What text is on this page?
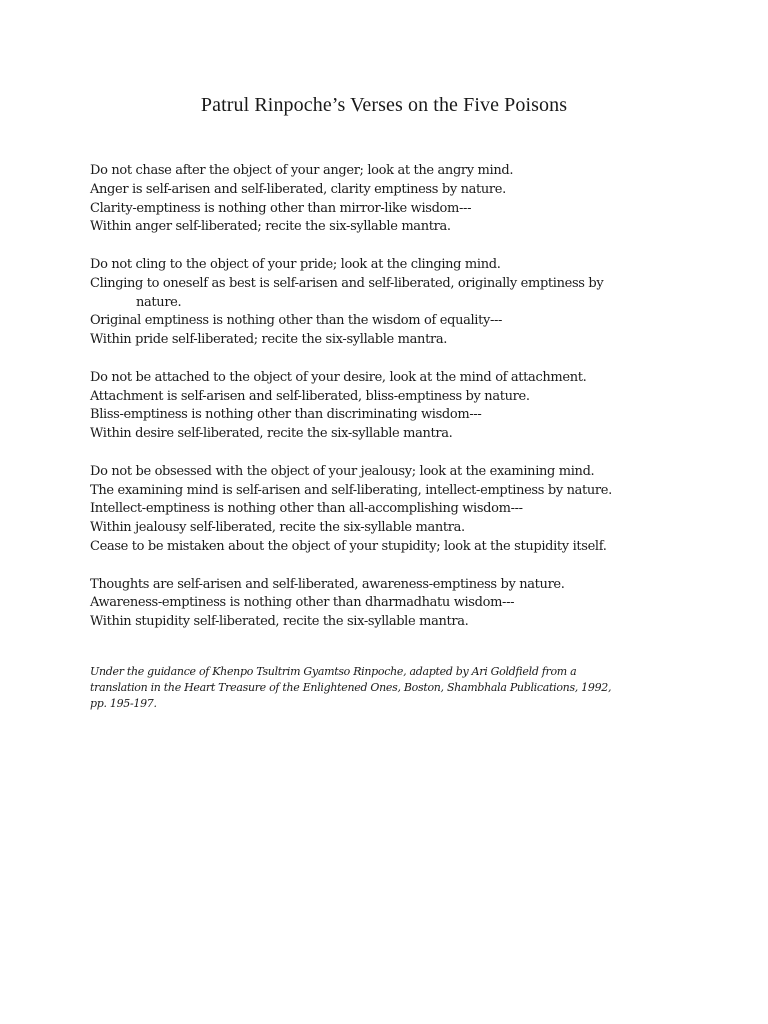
Patrul Rinpoche’s Verses on the Five Poisons

Do not chase after the object of your anger; look at the angry mind.
Anger is self-arisen and self-liberated, clarity emptiness by nature.
Clarity-emptiness is nothing other than mirror-like wisdom---
Within anger self-liberated; recite the six-syllable mantra.

Do not cling to the object of your pride; look at the clinging mind.
Clinging to oneself as best is self-arisen and self-liberated, originally emptiness by
nature.
Original emptiness is nothing other than the wisdom of equality---
Within pride self-liberated; recite the six-syllable mantra.

Do not be attached to the object of your desire, look at the mind of attachment.
Attachment is self-arisen and self-liberated, bliss-emptiness by nature.
Bliss-emptiness is nothing other than discriminating wisdom---
Within desire self-liberated, recite the six-syllable mantra.

Do not be obsessed with the object of your jealousy; look at the examining mind.
The examining mind is self-arisen and self-liberating, intellect-emptiness by nature.
Intellect-emptiness is nothing other than all-accomplishing wisdom---
Within jealousy self-liberated, recite the six-syllable mantra.
Cease to be mistaken about the object of your stupidity; look at the stupidity itself.

Thoughts are self-arisen and self-liberated, awareness-emptiness by nature.
Awareness-emptiness is nothing other than dharmadhatu wisdom---
Within stupidity self-liberated, recite the six-syllable mantra.

Under the guidance of Khenpo Tsultrim Gyamtso Rinpoche, adapted by Ari Goldfield from a
translation in the Heart Treasure of the Enlightened Ones, Boston, Shambhala Publications, 1992,
pp. 195-197.
